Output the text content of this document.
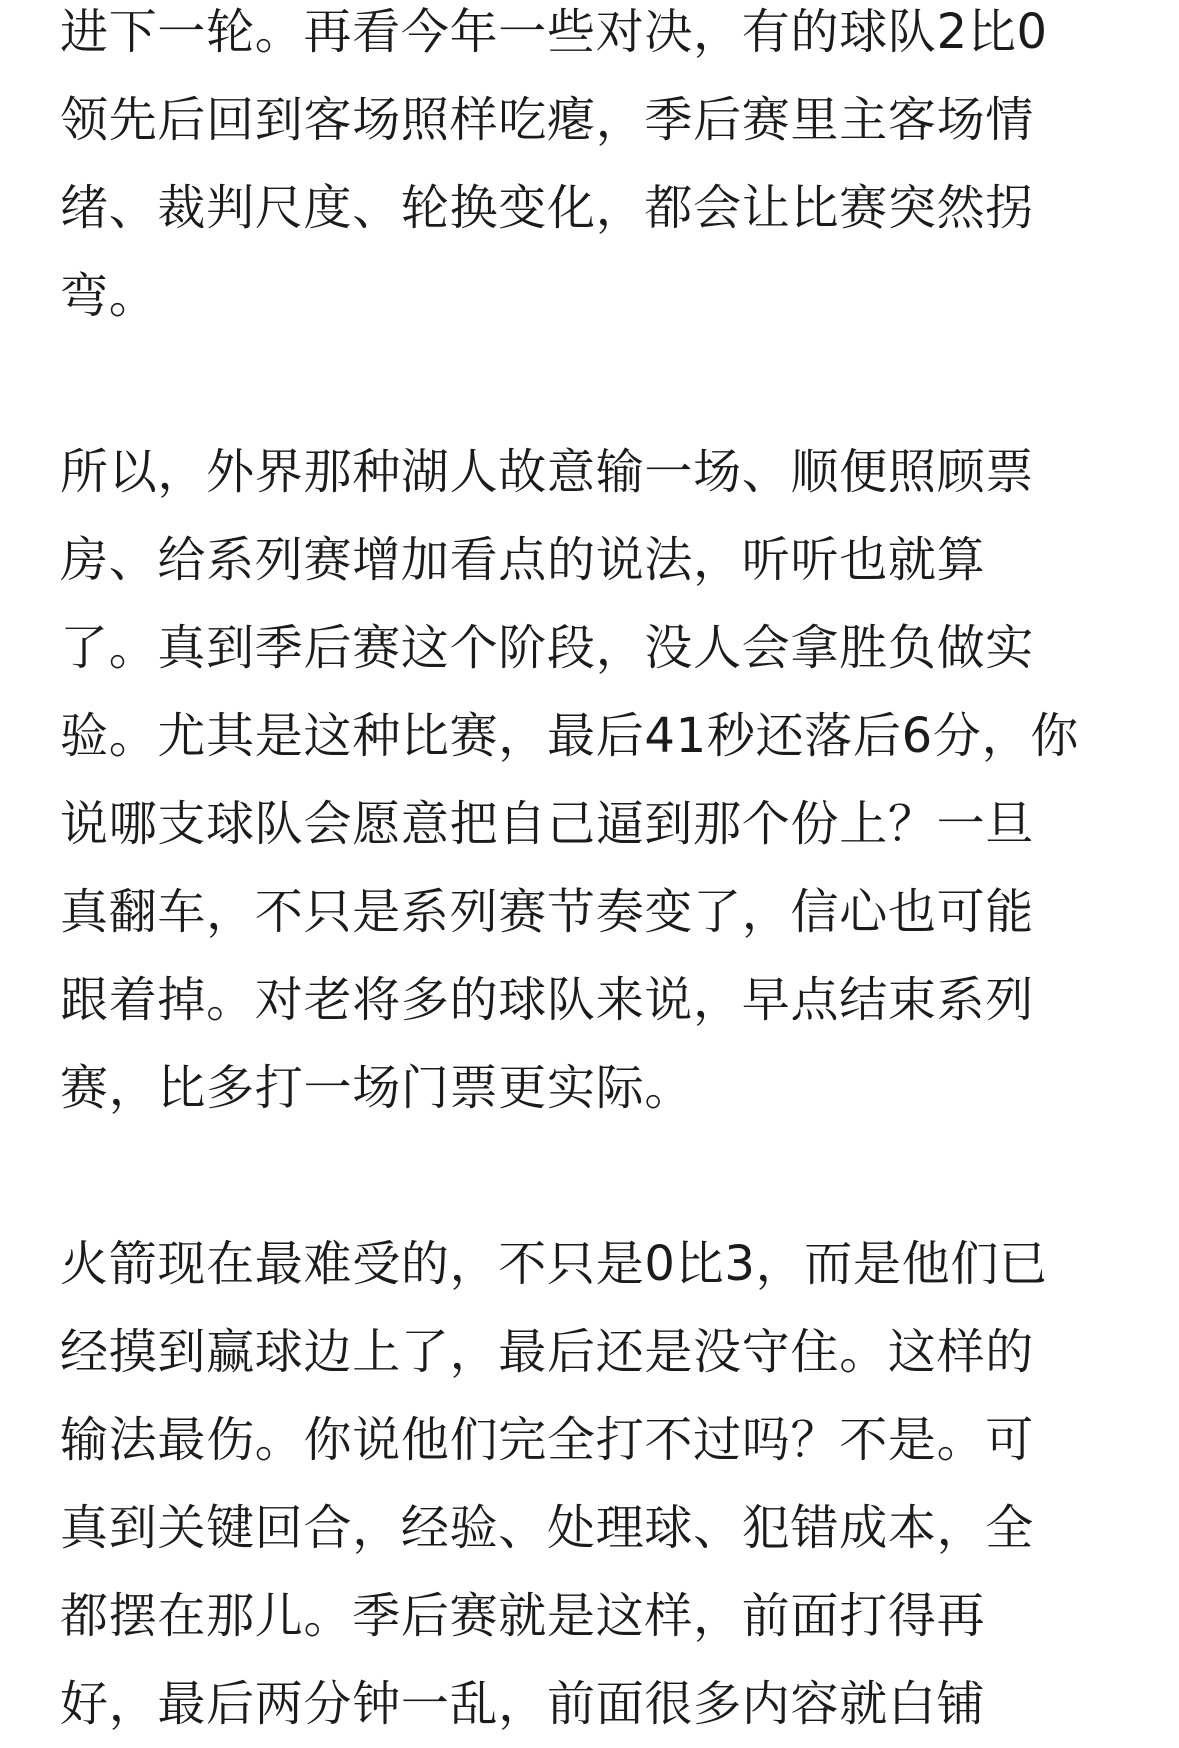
进下一轮。再看今年一些对决，有的球队2比0
领先后回到客场照样吃瘪，季后赛里主客场情
绪、裁判尺度、轮换变化，都会让比赛突然拐
弯。

所以，外界那种湖人故意输一场、顺便照顾票
房、给系列赛增加看点的说法，听听也就算
了。真到季后赛这个阶段，没人会拿胜负做实
验。尤其是这种比赛，最后41秒还落后6分，你
说哪支球队会愿意把自己逼到那个份上？一旦
真翻车，不只是系列赛节奏变了，信心也可能
跟着掉。对老将多的球队来说，早点结束系列
赛，比多打一场门票更实际。

火箭现在最难受的，不只是0比3，而是他们已
经摸到赢球边上了，最后还是没守住。这样的
输法最伤。你说他们完全打不过吗？不是。可
真到关键回合，经验、处理球、犯错成本，全
都摆在那儿。季后赛就是这样，前面打得再
好，最后两分钟一乱，前面很多内容就白铺
